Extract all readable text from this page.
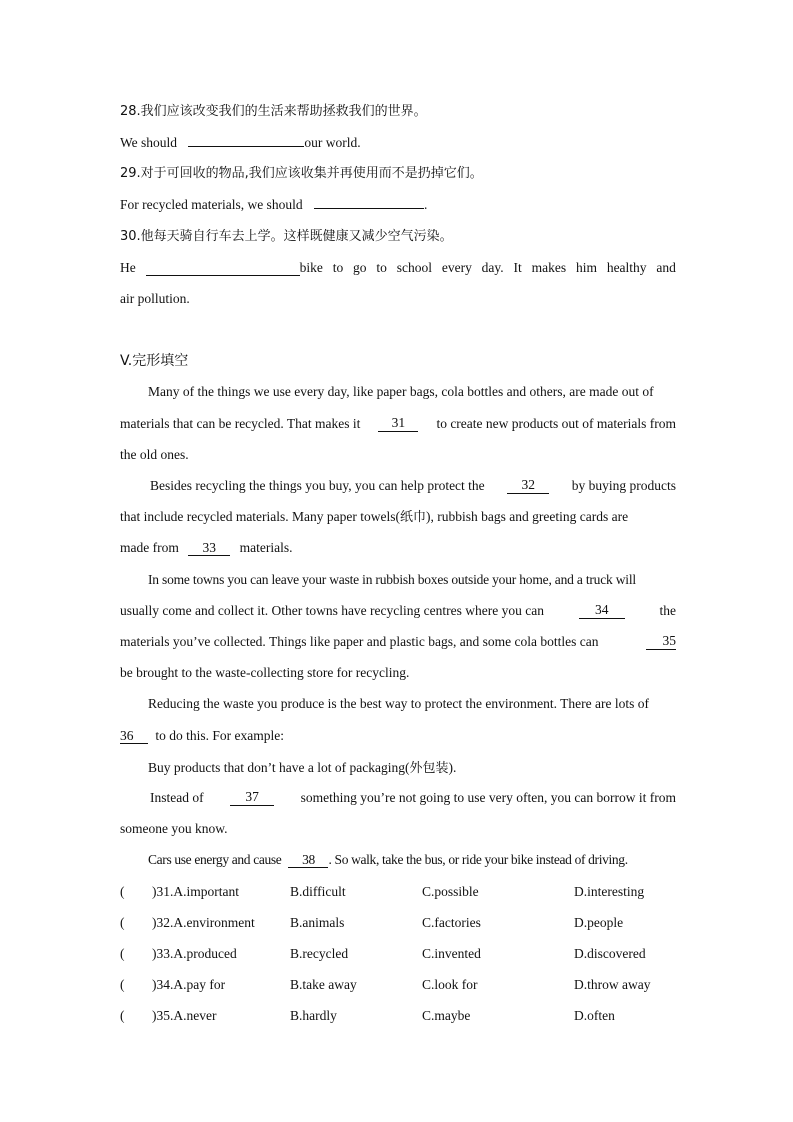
28.我们应该改变我们的生活来帮助拯救我们的世界。
We should	our world.
29.对于可回收的物品,我们应该收集并再使用而不是扔掉它们。
For recycled materials, we should	.
30.他每天骑自行车去上学。这样既健康又减少空气污染。
He	bike to go to school every day. It makes him healthy and
air pollution.
V.完形填空
Many of the things we use every day, like paper bags, cola bottles and others, are made out of
materials that can be recycled. That makes it	31	to create new products out of materials from
the old ones.
Besides recycling the things you buy, you can help protect the	32	by buying products
that include recycled materials. Many paper towels(纸巾), rubbish bags and greeting cards are
made from 33 materials.
In some towns you can leave your waste in rubbish boxes outside your home, and a truck will
usually come and collect it. Other towns have recycling centres where you can	34	the
materials you’ve collected. Things like paper and plastic bags, and some cola bottles can	35
be brought to the waste-collecting store for recycling.
Reducing the waste you produce is the best way to protect the environment. There are lots of
36 to do this. For example:
Buy products that don’t have a lot of packaging(外包装).
Instead of	37	something you’re not going to use very often, you can borrow it from
someone you know.
Cars use energy and cause 38 . So walk, take the bus, or ride your bike instead of driving.
( )31.A.important	B.difficult	C.possible	D.interesting
( )32.A.environment	B.animals	C.factories	D.people
( )33.A.produced	B.recycled	C.invented	D.discovered
( )34.A.pay for	B.take away	C.look for	D.throw away
( )35.A.never	B.hardly	C.maybe	D.often
